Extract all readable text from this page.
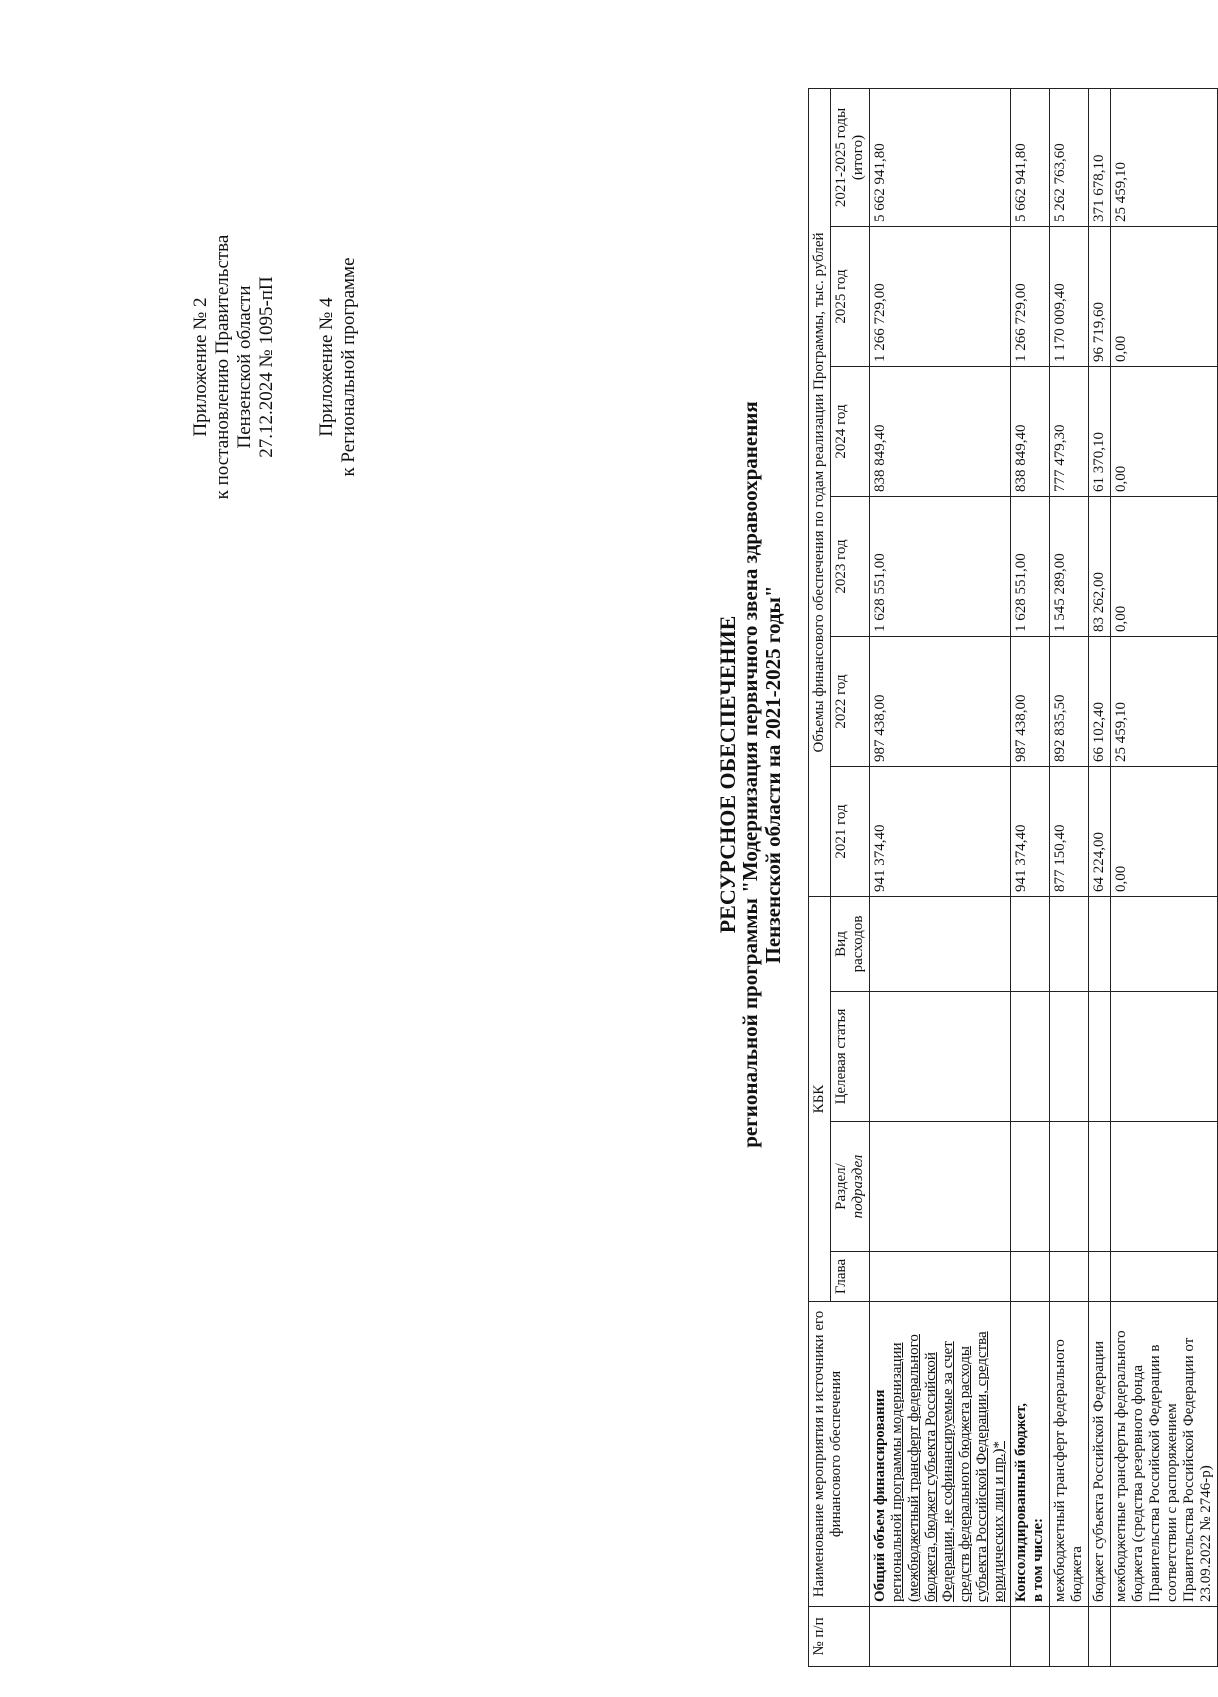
Приложение № 2 к постановлению Правительства Пензенской области 27.12.2024 № 1095-пП Приложение № 4 к Региональной программе
РЕСУРСНОЕ ОБЕСПЕЧЕНИЕ
региональной программы "Модернизация первичного звена здравоохранения Пензенской области на 2021-2025 годы"
№ п/п	Наименование мероприятия и источники его финансового обеспечения	КБК				Объемы финансового обеспечения по годам реализации Программы, тыс. рублей					
		Глава	Раздел/ подраздел	Целевая статья	Вид расходов	2021 год	2022 год	2023 год	2024 год	2025 год	2021-2025 годы (итого)
	Общий объем финансирования региональной программы модернизации (межбюджетный трансферт федерального бюджета, бюджет субъекта Российской Федерации, не софинансируемые за счет средств федерального бюджета расходы субъекта Российской Федерации, средства юридических лиц и пр.)*					941 374,40	987 438,00	1 628 551,00	838 849,40	1 266 729,00	5 662 941,80

	Консолидированный бюджет, в том числе:					941 374,40	987 438,00	1 628 551,00	838 849,40	1 266 729,00	5 662 941,80
	межбюджетный трансферт федерального бюджета					877 150,40	892 835,50	1 545 289,00	777 479,30	1 170 009,40	5 262 763,60
	бюджет субъекта Российской Федерации					64 224,00	66 102,40	83 262,00	61 370,10	96 719,60	371 678,10
	межбюджетные трансферты федерального бюджета (средства резервного фонда Правительства Российской Федерации в соответствии с распоряжением Правительства Российской Федерации от 23.09.2022 № 2746-р)					0,00	25 459,10	0,00	0,00	0,00	25 459,10
